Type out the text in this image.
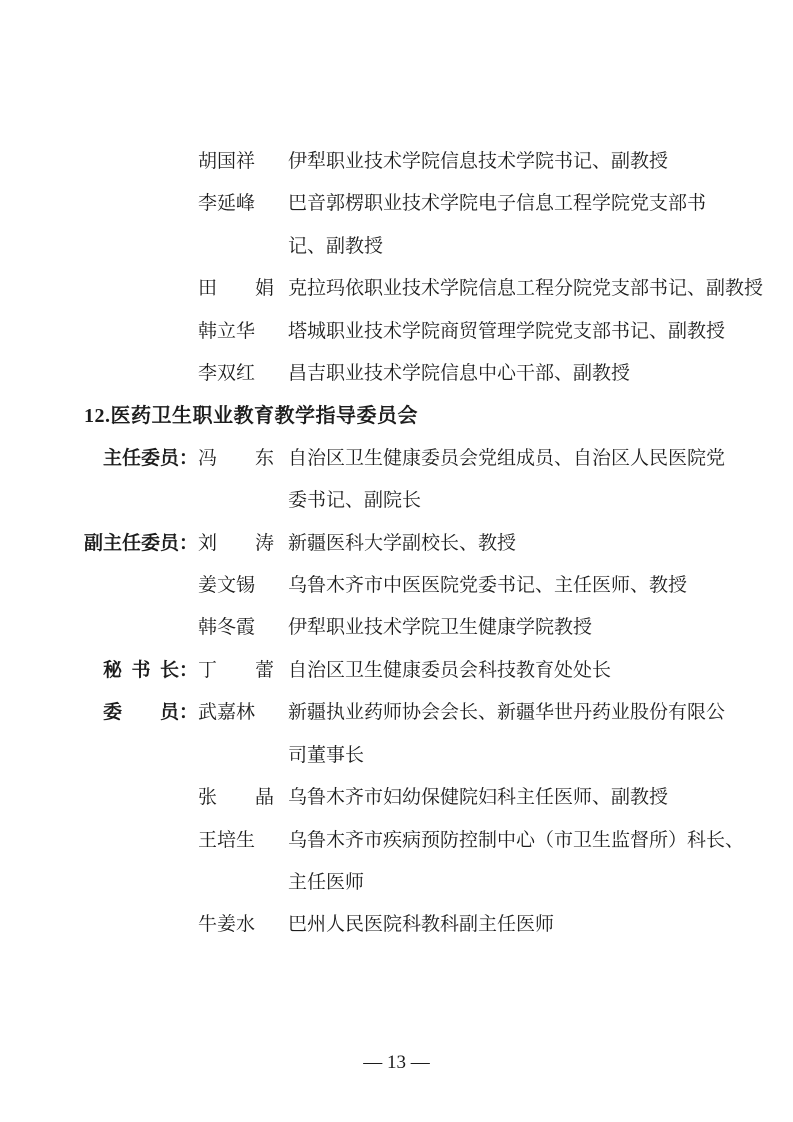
胡国祥	伊犁职业技术学院信息技术学院书记、副教授
李延峰	巴音郭楞职业技术学院电子信息工程学院党支部书
记、副教授
田娟 克拉玛依职业技术学院信息工程分院党支部书记、副教授
韩立华	塔城职业技术学院商贸管理学院党支部书记、副教授
李双红	昌吉职业技术学院信息中心干部、副教授
12.医药卫生职业教育教学指导委员会
主任委员： 冯东 自治区卫生健康委员会党组成员、自治区人民医院党
委书记、副院长
副主任委员： 刘涛 新疆医科大学副校长、教授
姜文锡	乌鲁木齐市中医医院党委书记、主任医师、教授
韩冬霞	伊犁职业技术学院卫生健康学院教授
秘书长： 丁蕾 自治区卫生健康委员会科技教育处处长
委员： 武嘉林	新疆执业药师协会会长、新疆华世丹药业股份有限公
司董事长
张晶 乌鲁木齐市妇幼保健院妇科主任医师、副教授
王培生	乌鲁木齐市疾病预防控制中心（市卫生监督所）科长、
主任医师
牛姜水	巴州人民医院科教科副主任医师
— 13 —
